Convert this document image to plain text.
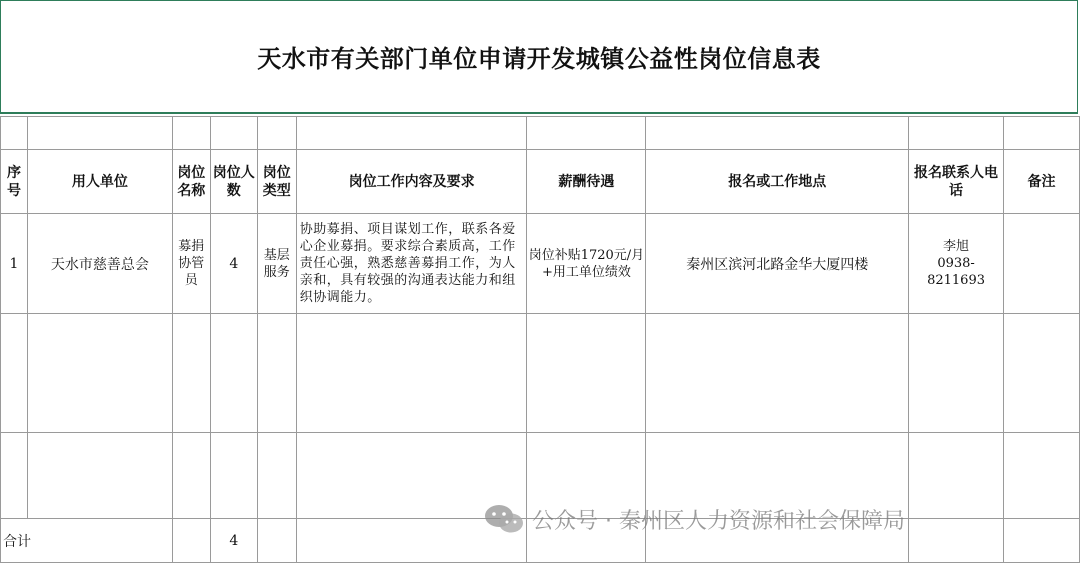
天水市有关部门单位申请开发城镇公益性岗位信息表

序号	用人单位	岗位名称	岗位人数	岗位类型	岗位工作内容及要求	薪酬待遇	报名或工作地点	报名联系人电话	备注
1	天水市慈善总会	募捐协管员	4	基层服务	协助募捐、项目谋划工作，联系各爱心企业募捐。要求综合素质高，工作责任心强，熟悉慈善募捐工作，为人亲和，具有较强的沟通表达能力和组织协调能力。	岗位补贴1720元/月+用工单位绩效	秦州区滨河北路金华大厦四楼	李旭
0938-8211693	

合计			4						
公众号 · 秦州区人力资源和社会保障局
